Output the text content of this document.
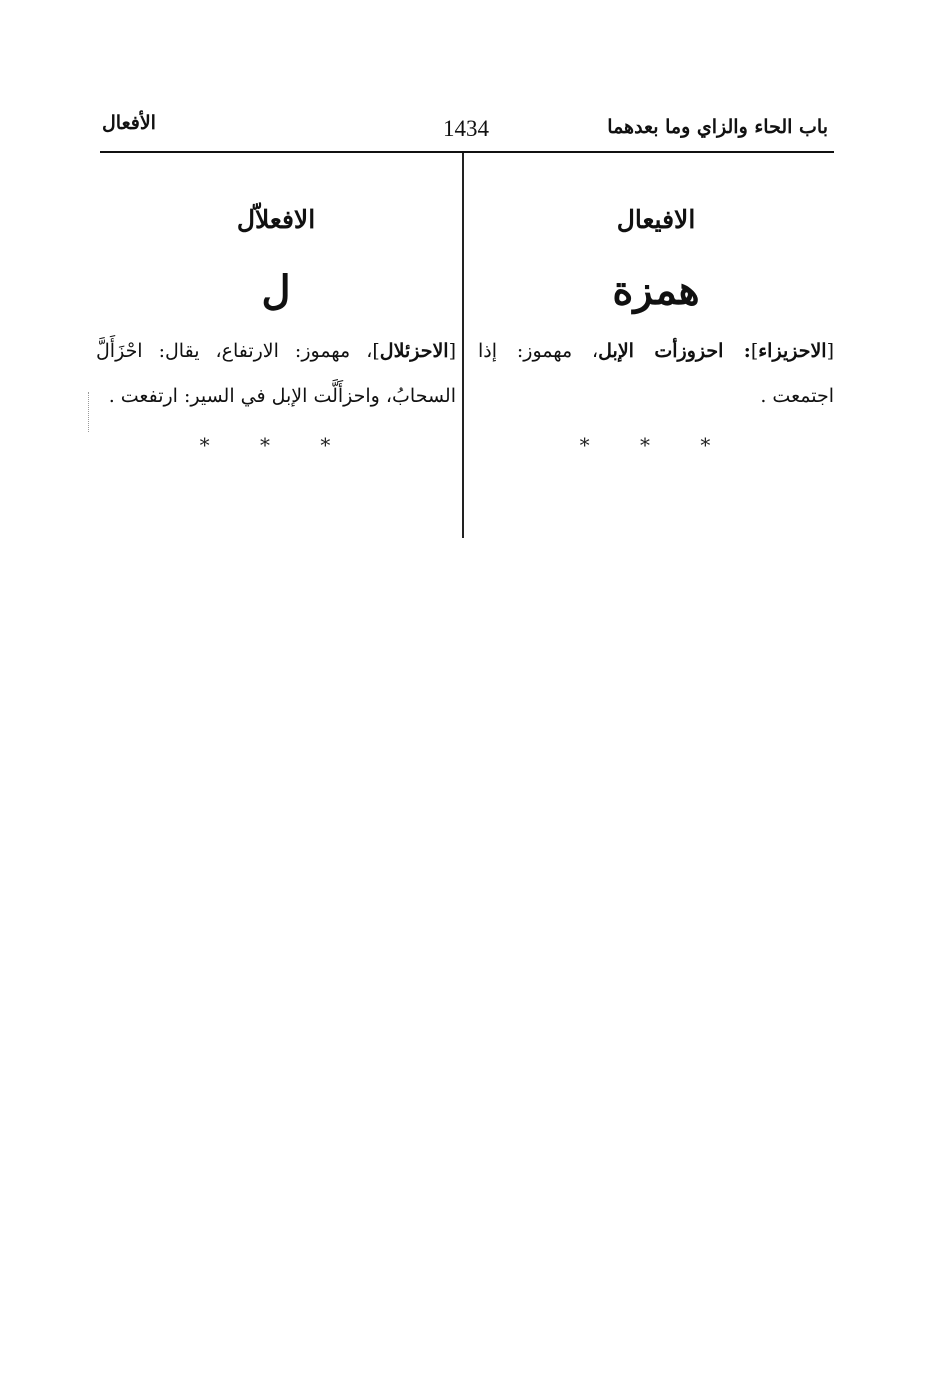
باب الحاء والزاي وما بعدهما
1434
الأفعال
الافيعال
همزة
[الاحزيزاء]: احزوزأت الإبل، مهموز: إذا اجتمعت .
* * *
الافعلاّل
ل
[الاحزئلال]، مهموز: الارتفاع، يقال: احْزَأَلَّ السحابُ، واحزأَلَّت الإبل في السير: ارتفعت .
* * *
